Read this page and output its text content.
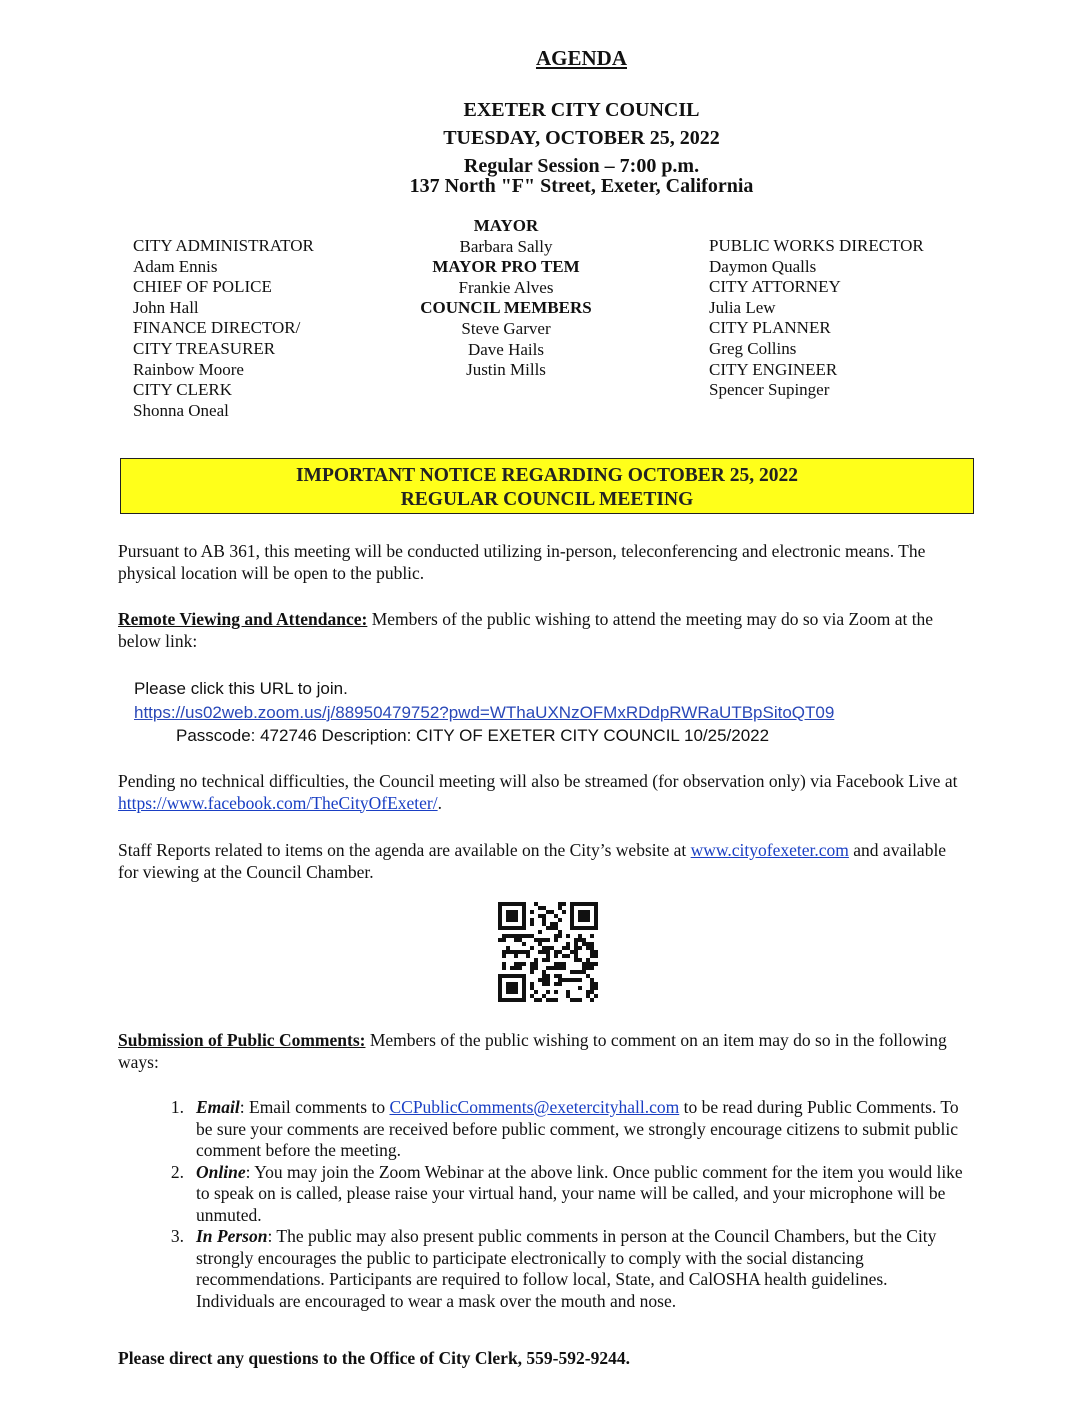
AGENDA
EXETER CITY COUNCIL
TUESDAY, OCTOBER 25, 2022
Regular Session – 7:00 p.m.
137 North "F" Street, Exeter, California
CITY ADMINISTRATOR
Adam Ennis
CHIEF OF POLICE
John Hall
FINANCE DIRECTOR/
CITY TREASURER
Rainbow Moore
CITY CLERK
Shonna Oneal
MAYOR
Barbara Sally
MAYOR PRO TEM
Frankie Alves
COUNCIL MEMBERS
Steve Garver
Dave Hails
Justin Mills
PUBLIC WORKS DIRECTOR
Daymon Qualls
CITY ATTORNEY
Julia Lew
CITY PLANNER
Greg Collins
CITY ENGINEER
Spencer Supinger
IMPORTANT NOTICE REGARDING OCTOBER 25, 2022
REGULAR COUNCIL MEETING
Pursuant to AB 361, this meeting will be conducted utilizing in-person, teleconferencing and electronic means. The physical location will be open to the public.
Remote Viewing and Attendance: Members of the public wishing to attend the meeting may do so via Zoom at the below link:
Please click this URL to join.
https://us02web.zoom.us/j/88950479752?pwd=WThaUXNzOFMxRDdpRWRaUTBpSitoQT09
Passcode: 472746 Description: CITY OF EXETER CITY COUNCIL 10/25/2022
Pending no technical difficulties, the Council meeting will also be streamed (for observation only) via Facebook Live at https://www.facebook.com/TheCityOfExeter/.
Staff Reports related to items on the agenda are available on the City’s website at www.cityofexeter.com and available for viewing at the Council Chamber.
Submission of Public Comments: Members of the public wishing to comment on an item may do so in the following ways:
1. Email: Email comments to CCPublicComments@exetercityhall.com to be read during Public Comments. To be sure your comments are received before public comment, we strongly encourage citizens to submit public comment before the meeting.
2. Online: You may join the Zoom Webinar at the above link. Once public comment for the item you would like to speak on is called, please raise your virtual hand, your name will be called, and your microphone will be unmuted.
3. In Person: The public may also present public comments in person at the Council Chambers, but the City strongly encourages the public to participate electronically to comply with the social distancing recommendations. Participants are required to follow local, State, and CalOSHA health guidelines. Individuals are encouraged to wear a mask over the mouth and nose.
Please direct any questions to the Office of City Clerk, 559-592-9244.
